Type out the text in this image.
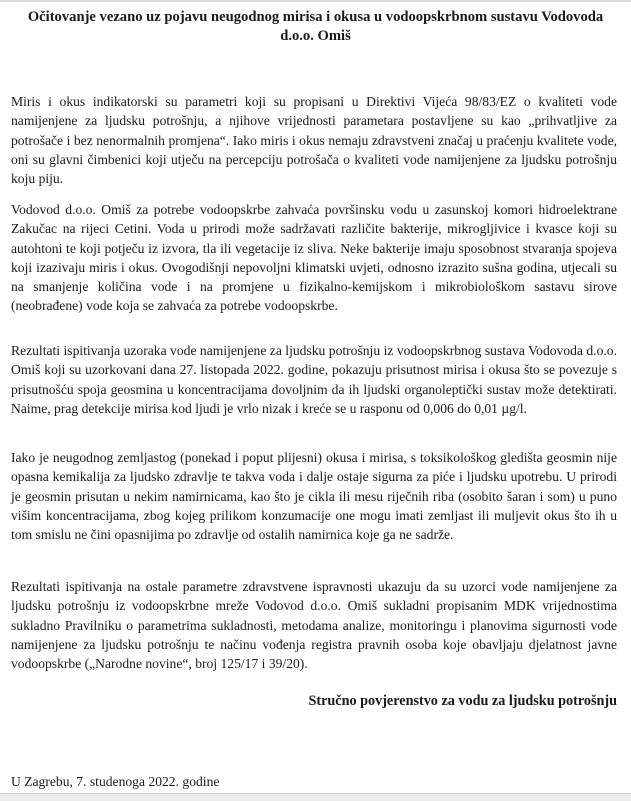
Očitovanje vezano uz pojavu neugodnog mirisa i okusa u vodoopskrbnom sustavu Vodovoda d.o.o. Omiš

Miris i okus indikatorski su parametri koji su propisani u Direktivi Vijeća 98/83/EZ o kvaliteti vode namijenjene za ljudsku potrošnju, a njihove vrijednosti parametara postavljene su kao „prihvatljive za potrošače i bez nenormalnih promjena“. Iako miris i okus nemaju zdravstveni značaj u praćenju kvalitete vode, oni su glavni čimbenici koji utječu na percepciju potrošača o kvaliteti vode namijenjene za ljudsku potrošnju koju piju.

Vodovod d.o.o. Omiš za potrebe vodoopskrbe zahvaća površinsku vodu u zasunskoj komori hidroelektrane Zakučac na rijeci Cetini. Voda u prirodi može sadržavati različite bakterije, mikrogljivice i kvasce koji su autohtoni te koji potječu iz izvora, tla ili vegetacije iz sliva. Neke bakterije imaju sposobnost stvaranja spojeva koji izazivaju miris i okus. Ovogodišnji nepovoljni klimatski uvjeti, odnosno izrazito sušna godina, utjecali su na smanjenje količina vode i na promjene u fizikalno-kemijskom i mikrobiološkom sastavu sirove (neobrađene) vode koja se zahvaća za potrebe vodoopskrbe.

Rezultati ispitivanja uzoraka vode namijenjene za ljudsku potrošnju iz vodoopskrbnog sustava Vodovoda d.o.o. Omiš koji su uzorkovani dana 27. listopada 2022. godine, pokazuju prisutnost mirisa i okusa što se povezuje s prisutnošću spoja geosmina u koncentracijama dovoljnim da ih ljudski organoleptički sustav može detektirati. Naime, prag detekcije mirisa kod ljudi je vrlo nizak i kreće se u rasponu od 0,006 do 0,01 µg/l.

Iako je neugodnog zemljastog (ponekad i poput plijesni) okusa i mirisa, s toksikološkog gledišta geosmin nije opasna kemikalija za ljudsko zdravlje te takva voda i dalje ostaje sigurna za piće i ljudsku upotrebu. U prirodi je geosmin prisutan u nekim namirnicama, kao što je cikla ili mesu riječnih riba (osobito šaran i som) u puno višim koncentracijama, zbog kojeg prilikom konzumacije one mogu imati zemljast ili muljevit okus što ih u tom smislu ne čini opasnijima po zdravlje od ostalih namirnica koje ga ne sadrže.

Rezultati ispitivanja na ostale parametre zdravstvene ispravnosti ukazuju da su uzorci vode namijenjene za ljudsku potrošnju iz vodoopskrbne mreže Vodovod d.o.o. Omiš sukladni propisanim MDK vrijednostima sukladno Pravilniku o parametrima sukladnosti, metodama analize, monitoringu i planovima sigurnosti vode namijenjene za ljudsku potrošnju te načinu vođenja registra pravnih osoba koje obavljaju djelatnost javne vodoopskrbe („Narodne novine“, broj 125/17 i 39/20).

Stručno povjerenstvo za vodu za ljudsku potrošnju
U Zagrebu, 7. studenoga 2022. godine
